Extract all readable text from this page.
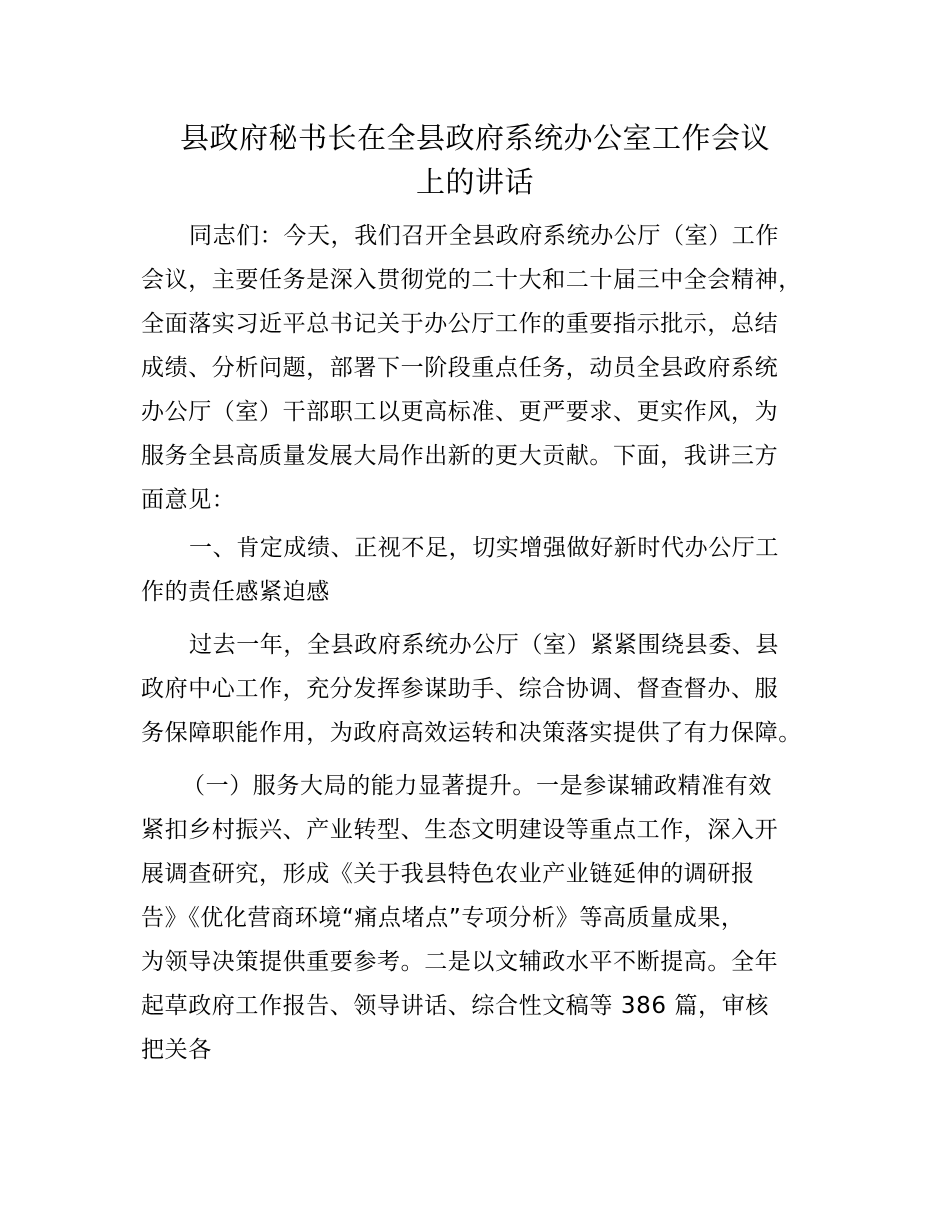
县政府秘书长在全县政府系统办公室工作会议
上的讲话
同志们：今天，我们召开全县政府系统办公厅（室）工作
会议，主要任务是深入贯彻党的二十大和二十届三中全会精神，
全面落实习近平总书记关于办公厅工作的重要指示批示，总结
成绩、分析问题，部署下一阶段重点任务，动员全县政府系统
办公厅（室）干部职工以更高标准、更严要求、更实作风，为
服务全县高质量发展大局作出新的更大贡献。下面，我讲三方
面意见：
一、肯定成绩、正视不足，切实增强做好新时代办公厅工
作的责任感紧迫感
过去一年，全县政府系统办公厅（室）紧紧围绕县委、县
政府中心工作，充分发挥参谋助手、综合协调、督查督办、服
务保障职能作用，为政府高效运转和决策落实提供了有力保障。
（一）服务大局的能力显著提升。一是参谋辅政精准有效
紧扣乡村振兴、产业转型、生态文明建设等重点工作，深入开
展调查研究，形成《关于我县特色农业产业链延伸的调研报
告》《优化营商环境“痛点堵点”专项分析》等高质量成果，
为领导决策提供重要参考。二是以文辅政水平不断提高。全年
起草政府工作报告、领导讲话、综合性文稿等 386 篇，审核
把关各
